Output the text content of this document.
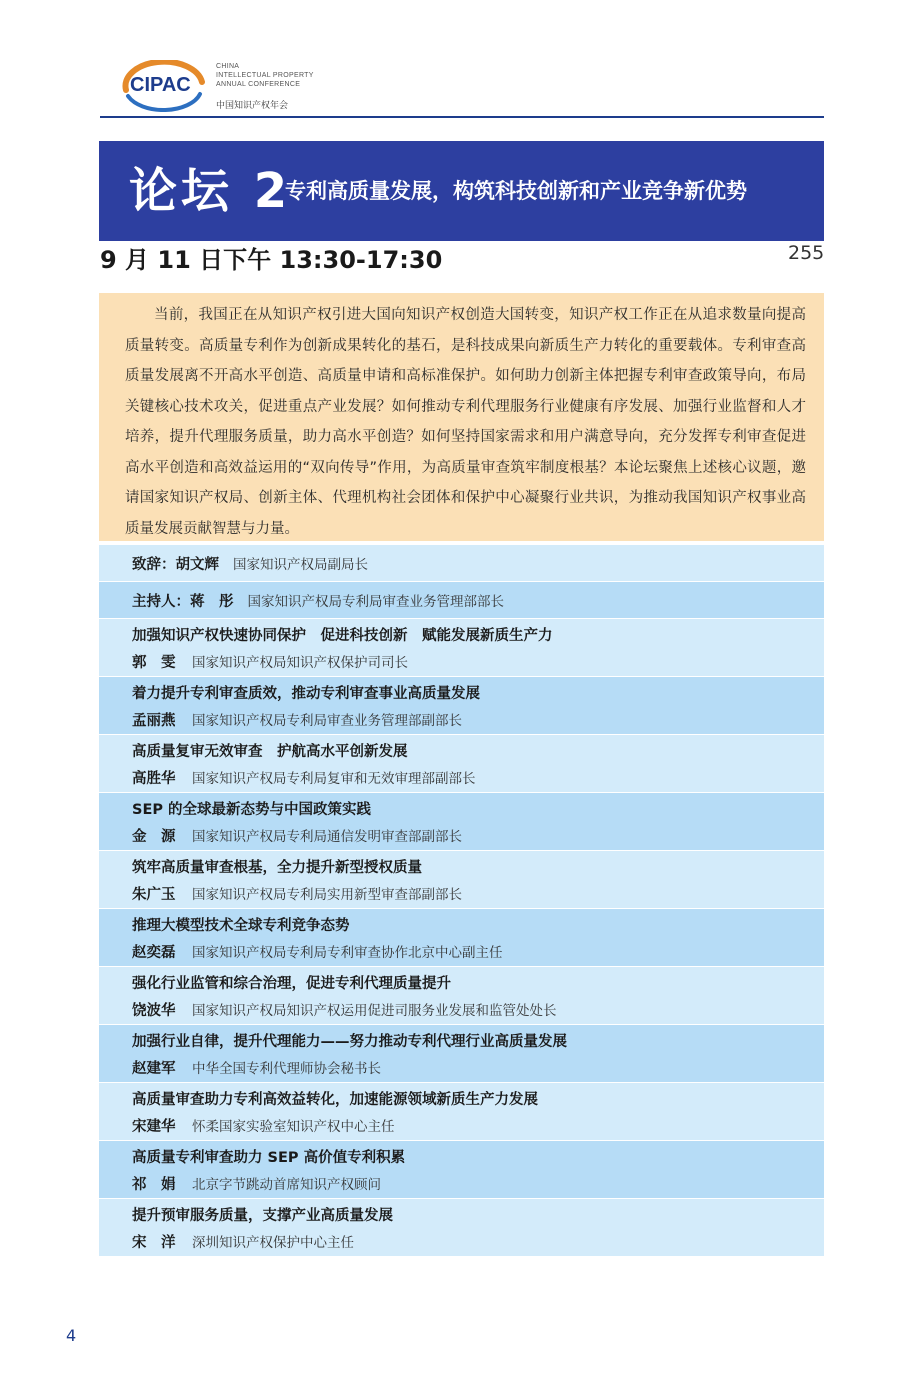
CIPAC
CHINA
INTELLECTUAL PROPERTY
ANNUAL CONFERENCE
中国知识产权年会
论坛 2
专利高质量发展，构筑科技创新和产业竞争新优势
9 月 11 日下午 13:30-17:30	255

当前，我国正在从知识产权引进大国向知识产权创造大国转变，知识产权工作正在从追求数量向提高质量转变。高质量专利作为创新成果转化的基石，是科技成果向新质生产力转化的重要载体。专利审查高质量发展离不开高水平创造、高质量申请和高标准保护。如何助力创新主体把握专利审查政策导向，布局关键核心技术攻关，促进重点产业发展？如何推动专利代理服务行业健康有序发展、加强行业监督和人才培养，提升代理服务质量，助力高水平创造？如何坚持国家需求和用户满意导向，充分发挥专利审查促进高水平创造和高效益运用的“双向传导”作用，为高质量审查筑牢制度根基？本论坛聚焦上述核心议题，邀请国家知识产权局、创新主体、代理机构社会团体和保护中心凝聚行业共识，为推动我国知识产权事业高质量发展贡献智慧与力量。

致辞：胡文辉 国家知识产权局副局长
主持人：蒋　彤 国家知识产权局专利局审查业务管理部部长
加强知识产权快速协同保护　促进科技创新　赋能发展新质生产力
郭　雯 国家知识产权局知识产权保护司司长
着力提升专利审查质效，推动专利审查事业高质量发展
孟丽燕 国家知识产权局专利局审查业务管理部副部长
高质量复审无效审查　护航高水平创新发展
高胜华 国家知识产权局专利局复审和无效审理部副部长
SEP 的全球最新态势与中国政策实践
金　源 国家知识产权局专利局通信发明审查部副部长
筑牢高质量审查根基，全力提升新型授权质量
朱广玉 国家知识产权局专利局实用新型审查部副部长
推理大模型技术全球专利竞争态势
赵奕磊 国家知识产权局专利局专利审查协作北京中心副主任
强化行业监管和综合治理，促进专利代理质量提升
饶波华 国家知识产权局知识产权运用促进司服务业发展和监管处处长
加强行业自律，提升代理能力——努力推动专利代理行业高质量发展
赵建军 中华全国专利代理师协会秘书长
高质量审查助力专利高效益转化，加速能源领域新质生产力发展
宋建华 怀柔国家实验室知识产权中心主任
高质量专利审查助力 SEP 高价值专利积累
祁　娟 北京字节跳动首席知识产权顾问
提升预审服务质量，支撑产业高质量发展
宋　洋 深圳知识产权保护中心主任
4
